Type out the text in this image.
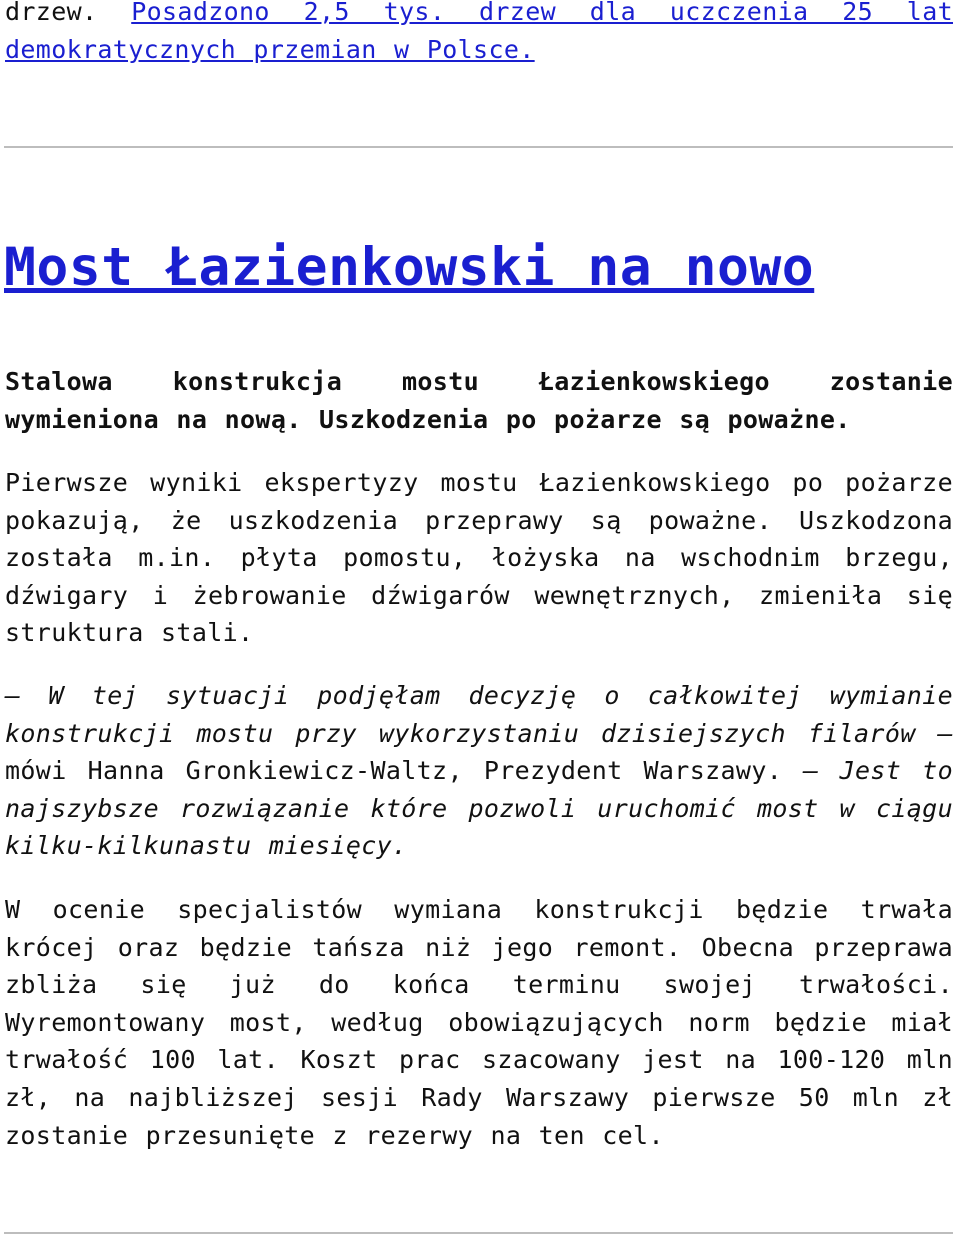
drzew. Posadzono 2,5 tys. drzew dla uczczenia 25 lat demokratycznych przemian w Polsce.

Most Łazienkowski na nowo

Stalowa konstrukcja mostu Łazienkowskiego zostanie wymieniona na nową. Uszkodzenia po pożarze są poważne.

Pierwsze wyniki ekspertyzy mostu Łazienkowskiego po pożarze pokazują, że uszkodzenia przeprawy są poważne. Uszkodzona została m.in. płyta pomostu, łożyska na wschodnim brzegu, dźwigary i żebrowanie dźwigarów wewnętrznych, zmieniła się struktura stali.

– W tej sytuacji podjęłam decyzję o całkowitej wymianie konstrukcji mostu przy wykorzystaniu dzisiejszych filarów – mówi Hanna Gronkiewicz-Waltz, Prezydent Warszawy. – Jest to najszybsze rozwiązanie które pozwoli uruchomić most w ciągu kilku-kilkunastu miesięcy.

W ocenie specjalistów wymiana konstrukcji będzie trwała krócej oraz będzie tańsza niż jego remont. Obecna przeprawa zbliża się już do końca terminu swojej trwałości. Wyremontowany most, według obowiązujących norm będzie miał trwałość 100 lat. Koszt prac szacowany jest na 100-120 mln zł, na najbliższej sesji Rady Warszawy pierwsze 50 mln zł zostanie przesunięte z rezerwy na ten cel.
